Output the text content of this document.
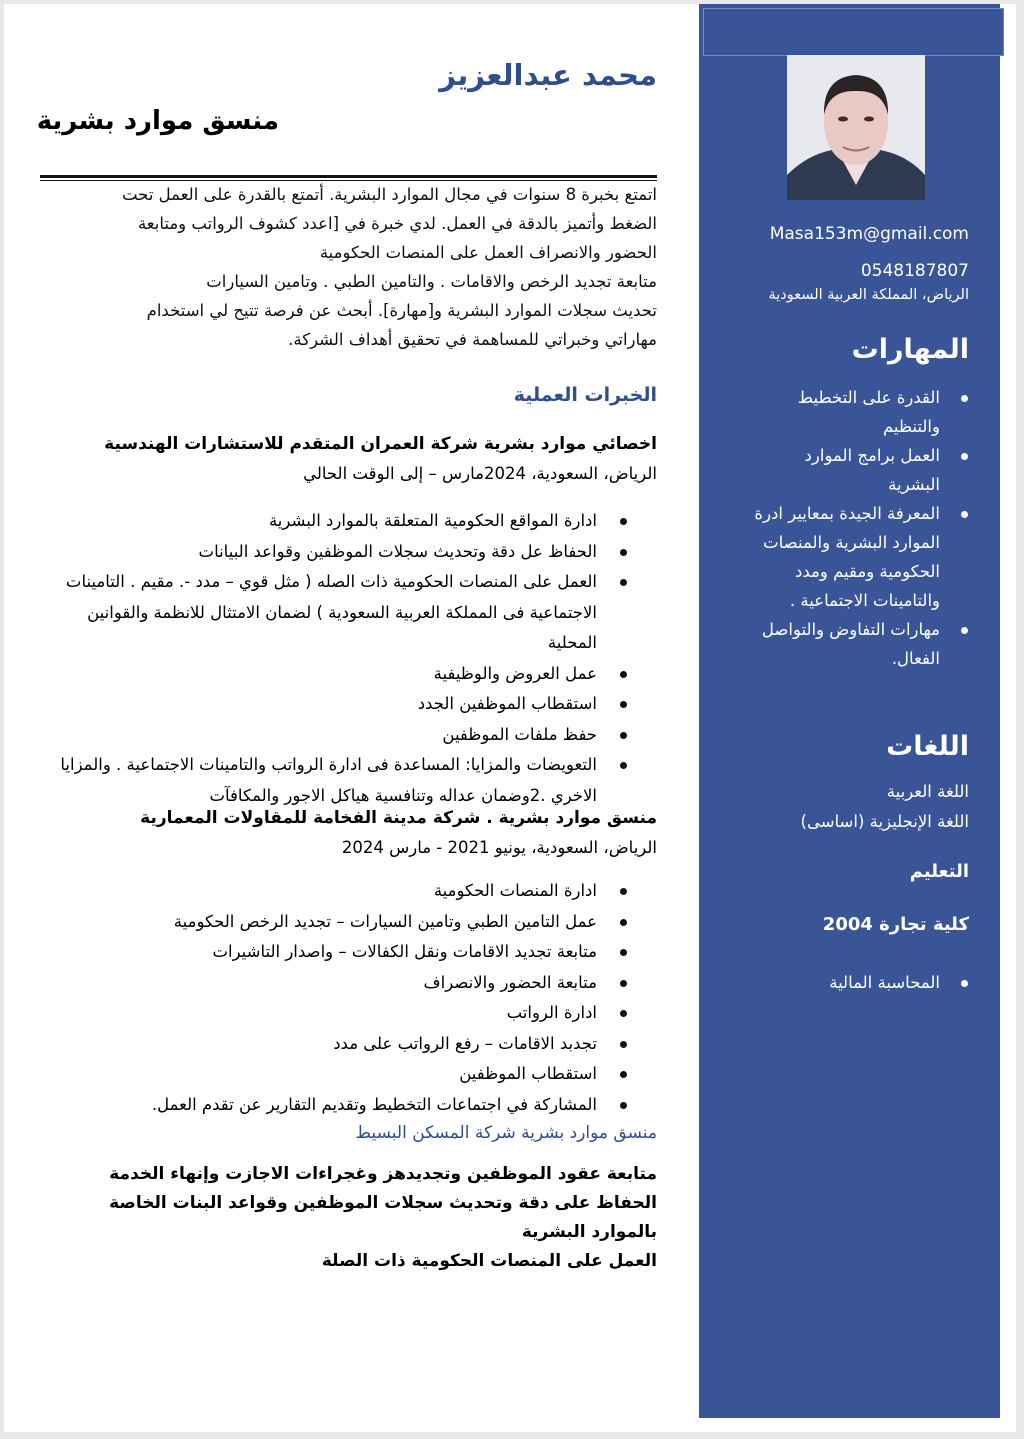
محمد عبدالعزيز
منسق موارد بشرية
اتمتع بخبرة 8 سنوات في مجال الموارد البشرية. أتمتع بالقدرة على العمل تحت
الضغط وأتميز بالدقة في العمل. لدي خبرة في [اعدد كشوف الرواتب ومتابعة
الحضور والانصراف العمل على المنصات الحكومية
متابعة تجديد الرخص والاقامات . والتامين الطبي . وتامين السيارات
تحديث سجلات الموارد البشرية و[مهارة]. أبحث عن فرصة تتيح لي استخدام
مهاراتي وخبراتي للمساهمة في تحقيق أهداف الشركة.
الخبرات العملية
اخصائي موارد بشرية شركة العمران المتقدم للاستشارات الهندسية
الرياض، السعودية، 2024مارس – إلى الوقت الحالي
ادارة المواقع الحكومية المتعلقة بالموارد البشرية
الحفاظ عل دقة وتحديث سجلات الموظفين وقواعد البيانات
العمل على المنصات الحكومية ذات الصله ( مثل قوي – مدد -. مقيم . التامينات الاجتماعية فى المملكة العربية السعودية ) لضمان الامتثال للانظمة والقوانين المحلية
عمل العروض والوظيفية
استقطاب الموظفين الجدد
حفظ ملفات الموظفين
التعويضات والمزايا: المساعدة فى ادارة الرواتب والتامينات الاجتماعية . والمزايا الاخري .2وضمان عداله وتنافسية هياكل الاجور والمكافآت
منسق موارد بشرية . شركة مدينة الفخامة للمقاولات المعمارية
الرياض، السعودية، يونيو 2021 - مارس 2024
ادارة المنصات الحكومية
عمل التامين الطبي وتامين السيارات – تجديد الرخص الحكومية
متابعة تجديد الاقامات ونقل الكفالات – واصدار التاشيرات
متابعة الحضور والانصراف
ادارة الرواتب
تجدبد الاقامات – رفع الرواتب على مدد
استقطاب الموظفين
المشاركة في اجتماعات التخطيط وتقديم التقارير عن تقدم العمل.
منسق موارد بشرية شركة المسكن البسيط
متابعة عقود الموظفين وتجديدهز وغجراءات الاجازت وإنهاء الخدمة
الحفاظ على دقة وتحديث سجلات الموظفين وقواعد البنات الخاصة
بالموارد البشرية
العمل على المنصات الحكومية ذات الصلة
Masa153m@gmail.com
0548187807
الرياض، المملكة العربية السعودية
المهارات
القدرة على التخطيط والتنظيم
العمل برامج الموارد البشرية
المعرفة الجيدة بمعايير ادرة الموارد البشرية والمنصات الحكومية ومقيم ومدد والتامينات الاجتماعية .
مهارات التفاوض والتواصل الفعال.
اللغات
اللغة العربية
اللغة الإنجليزية (اساسى)
التعليم
كلية تجارة 2004
المحاسبة المالية
